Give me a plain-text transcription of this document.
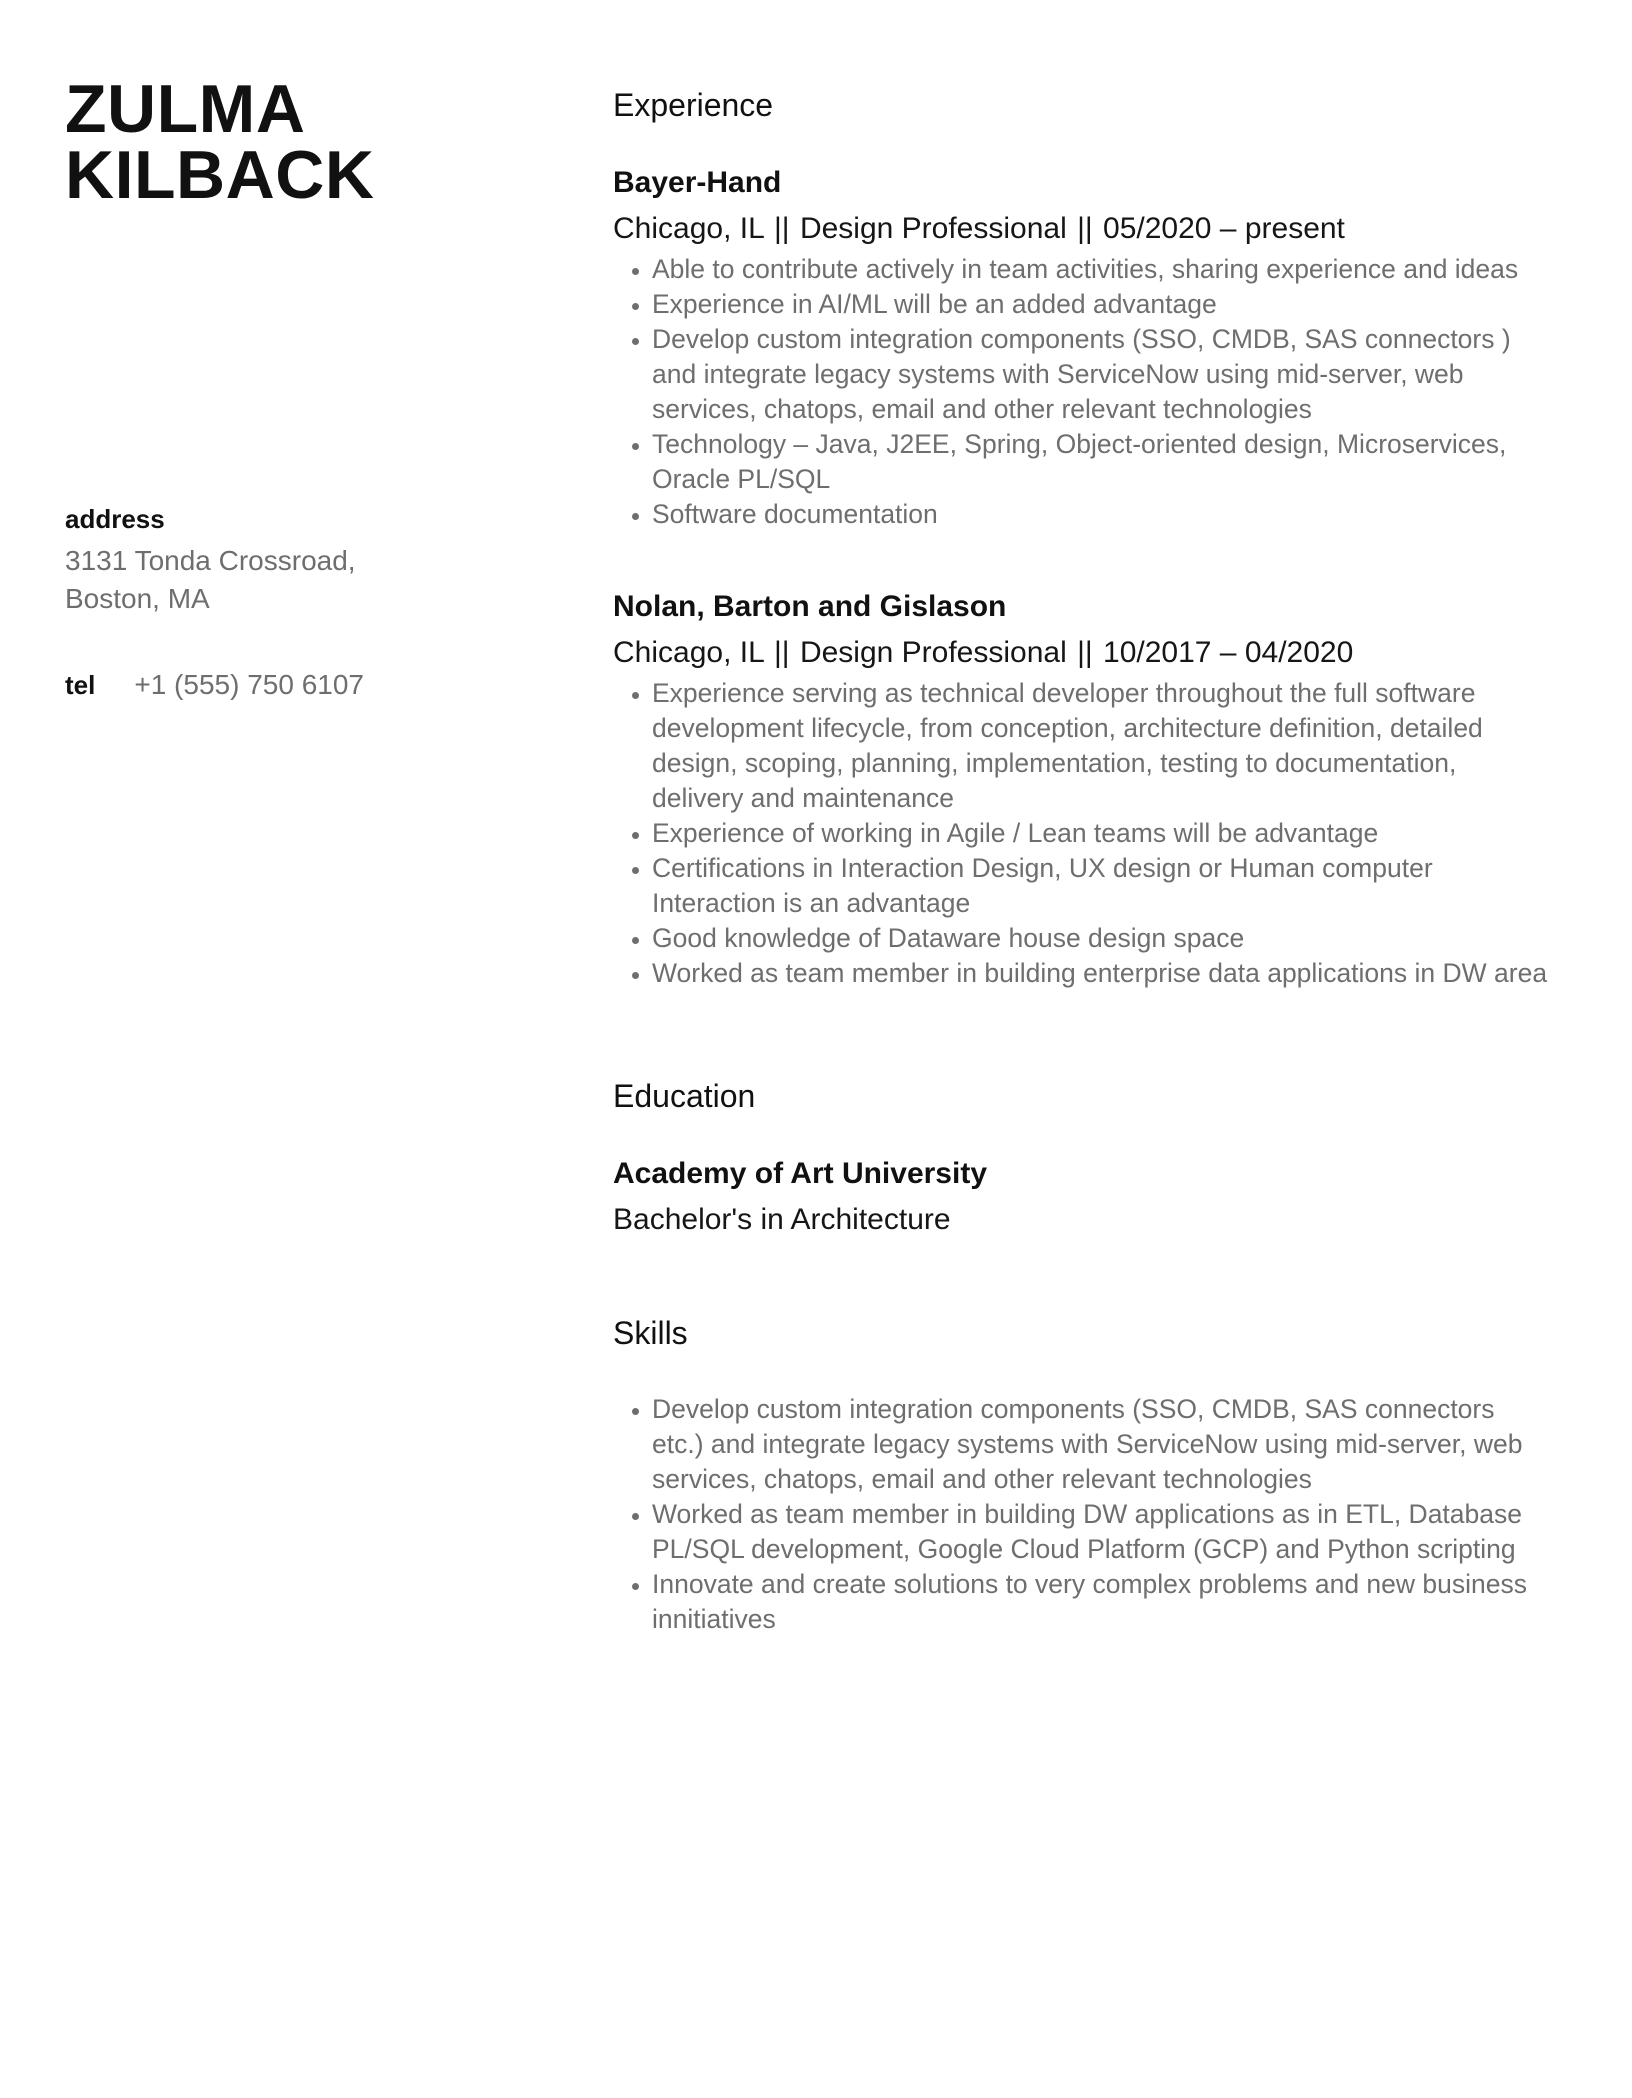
ZULMA
KILBACK
address
3131 Tonda Crossroad,
Boston, MA
tel +1 (555) 750 6107
Experience
Bayer-Hand

Chicago, IL || Design Professional || 05/2020 – present

• Able to contribute actively in team activities, sharing experience and ideas
• Experience in AI/ML will be an added advantage
• Develop custom integration components (SSO, CMDB, SAS connectors ) and integrate legacy systems with ServiceNow using mid-server, web services, chatops, email and other relevant technologies
• Technology – Java, J2EE, Spring, Object-oriented design, Microservices, Oracle PL/SQL
• Software documentation
Nolan, Barton and Gislason

Chicago, IL || Design Professional || 10/2017 – 04/2020

• Experience serving as technical developer throughout the full software development lifecycle, from conception, architecture definition, detailed design, scoping, planning, implementation, testing to documentation, delivery and maintenance
• Experience of working in Agile / Lean teams will be advantage
• Certifications in Interaction Design, UX design or Human computer Interaction is an advantage
• Good knowledge of Dataware house design space
• Worked as team member in building enterprise data applications in DW area
Education
Academy of Art University

Bachelor's in Architecture

Skills
• Develop custom integration components (SSO, CMDB, SAS connectors etc.) and integrate legacy systems with ServiceNow using mid-server, web services, chatops, email and other relevant technologies
• Worked as team member in building DW applications as in ETL, Database PL/SQL development, Google Cloud Platform (GCP) and Python scripting
• Innovate and create solutions to very complex problems and new business innitiatives
